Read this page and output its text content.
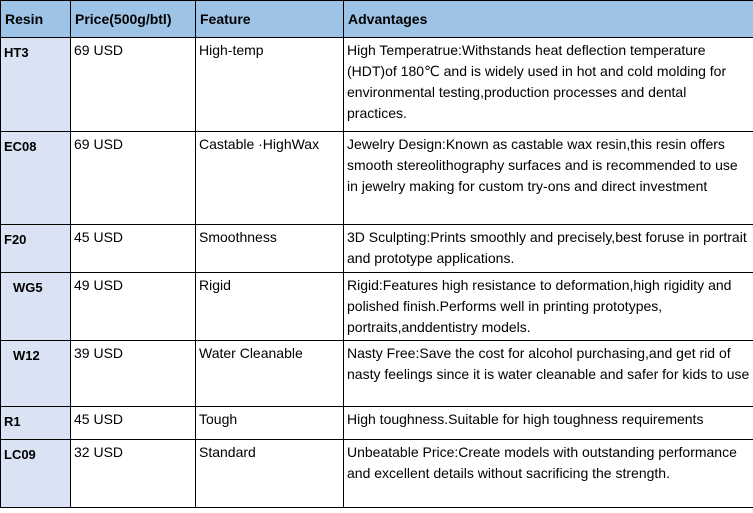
Resin	Price(500g/btl)	Feature	Advantages
HT3	69 USD	High-temp	High Temperatrue:Withstands heat deflection temperature (HDT)of 180℃ and is widely used in hot and cold molding for environmental testing,production processes and dental practices.
EC08	69 USD	Castable ·HighWax	Jewelry Design:Known as castable wax resin,this resin offers smooth stereolithography surfaces and is recommended to use in jewelry making for custom try-ons and direct investment
F20	45 USD	Smoothness	3D Sculpting:Prints smoothly and precisely,best foruse in portrait and prototype applications.
WG5	49 USD	Rigid	Rigid:Features high resistance to deformation,high rigidity and polished finish.Performs well in printing prototypes, portraits,anddentistry models.
W12	39 USD	Water Cleanable	Nasty Free:Save the cost for alcohol purchasing,and get rid of nasty feelings since it is water cleanable and safer for kids to use
R1	45 USD	Tough	High toughness.Suitable for high toughness requirements
LC09	32 USD	Standard	Unbeatable Price:Create models with outstanding performance and excellent details without sacrificing the strength.
